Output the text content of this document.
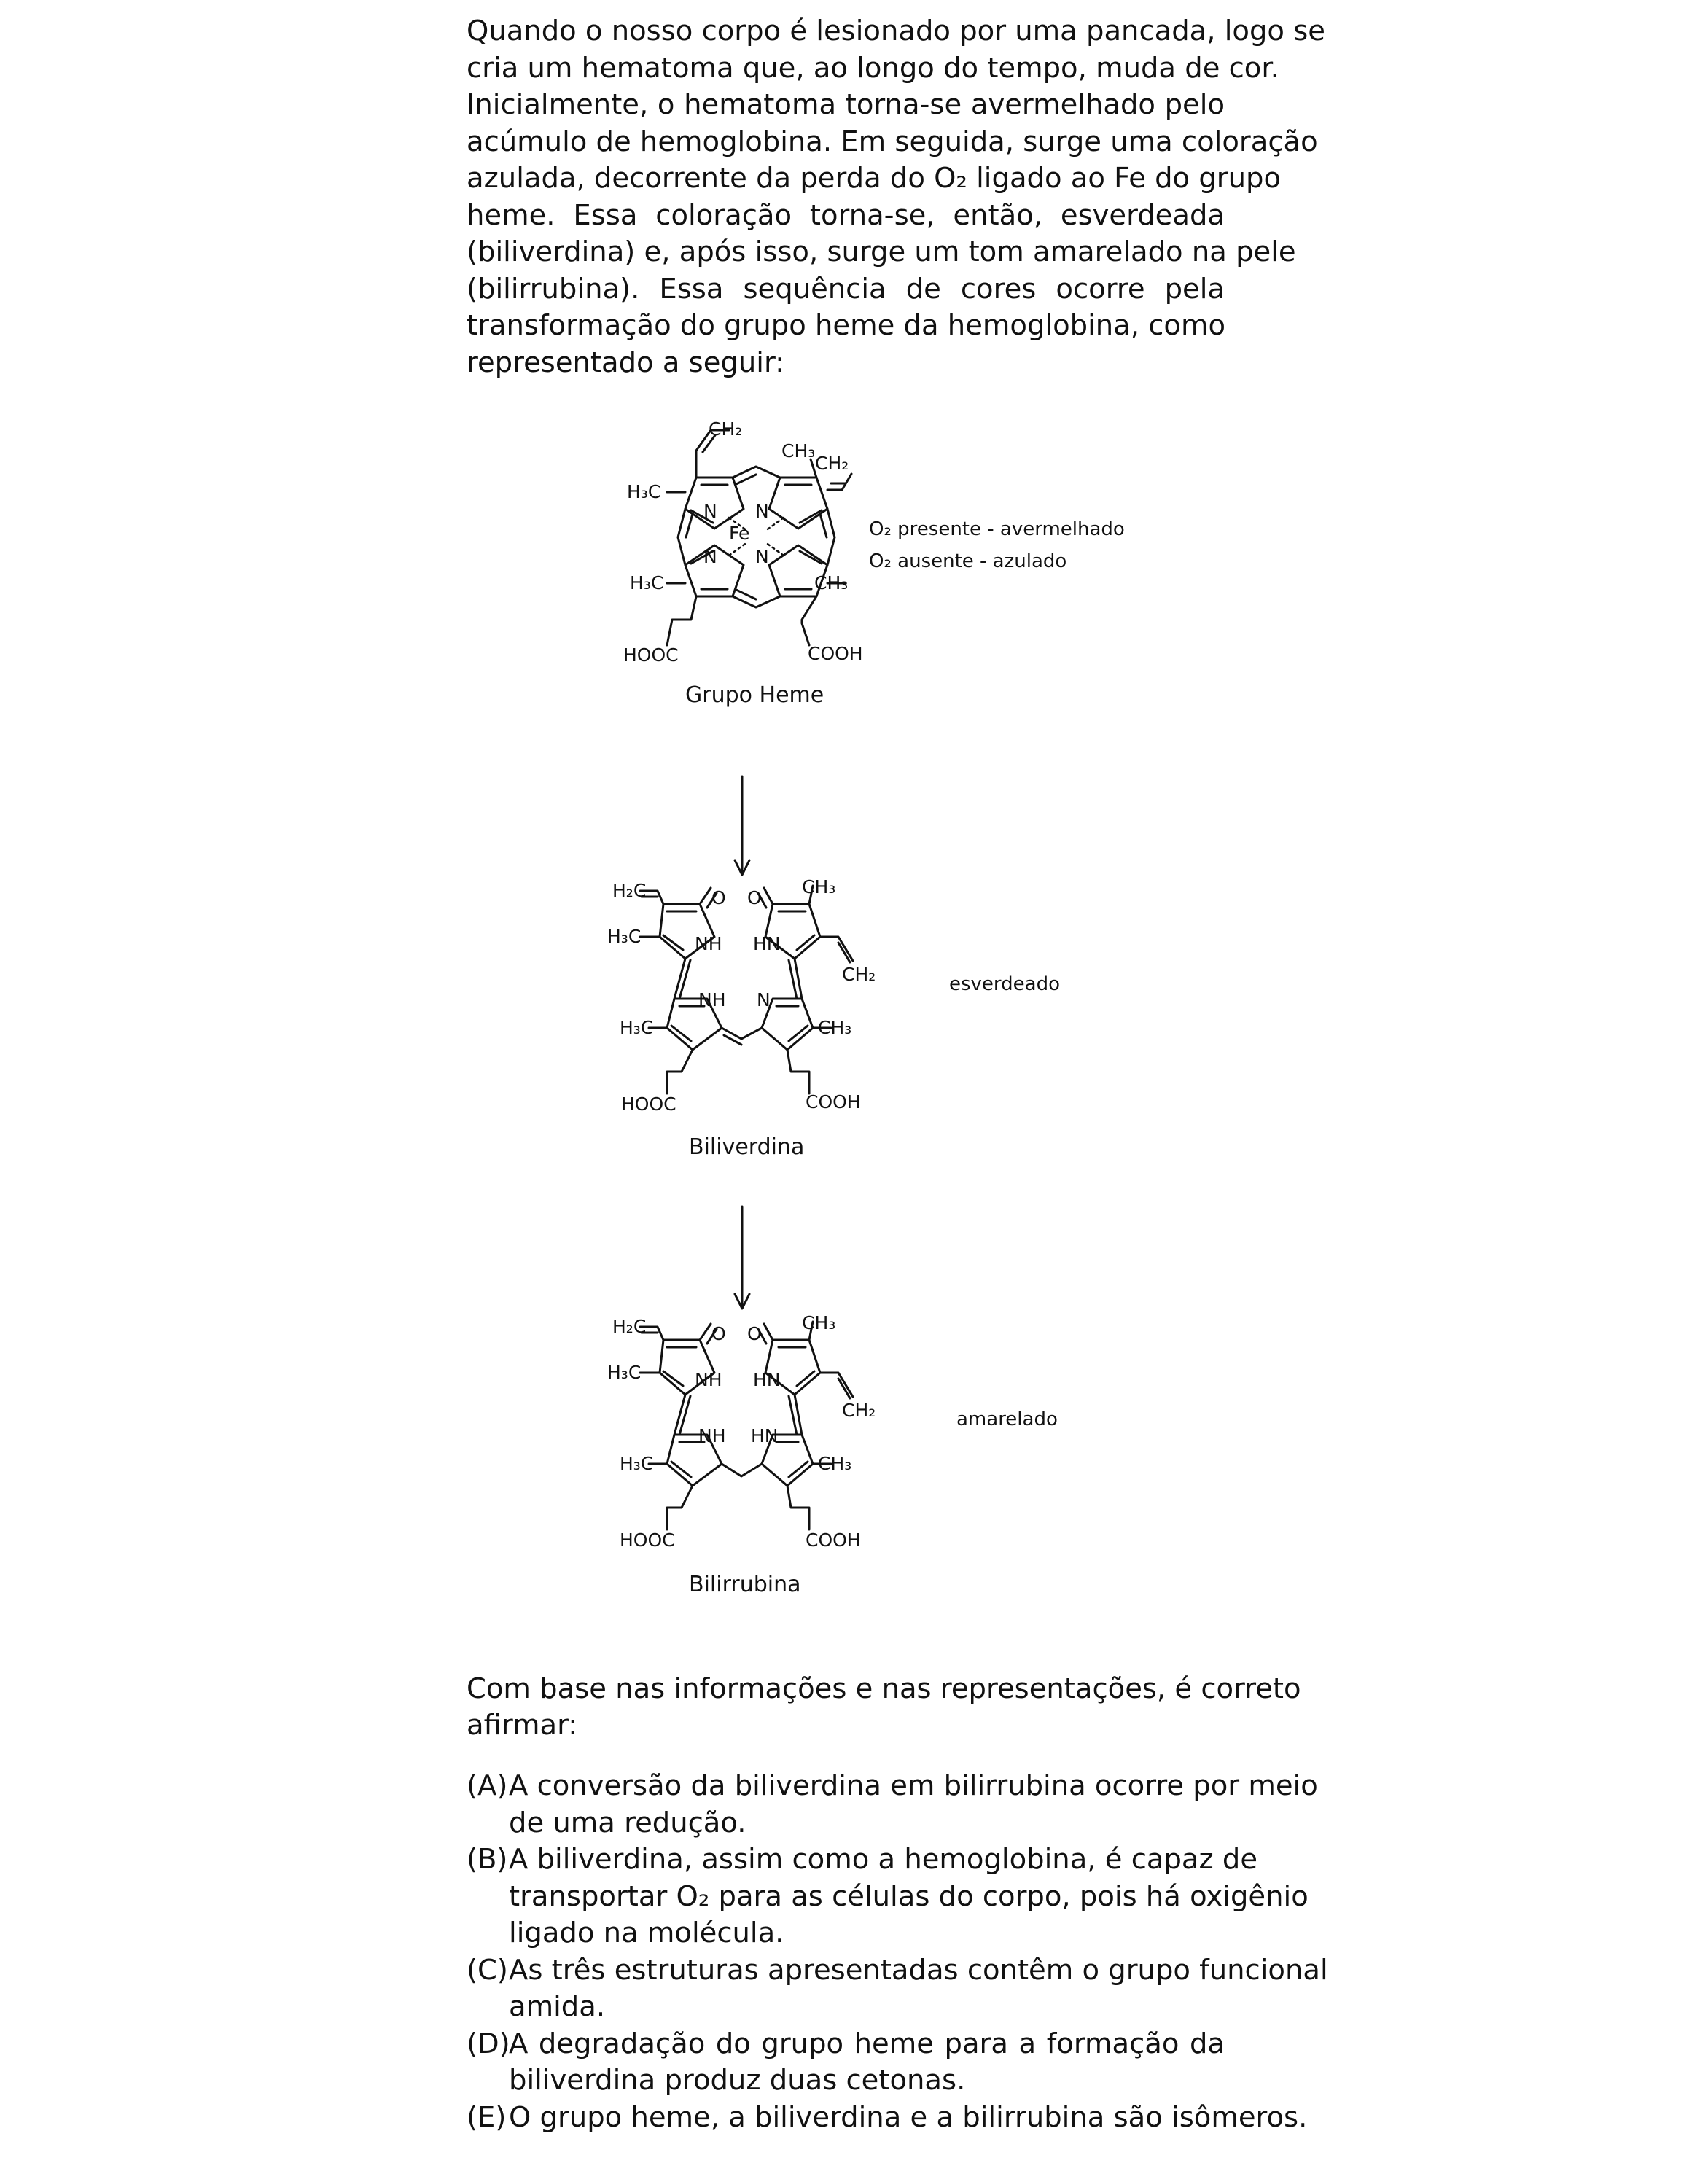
Quando o nosso corpo é lesionado por uma pancada, logo se
cria um hematoma que, ao longo do tempo, muda de cor.
Inicialmente, o hematoma torna-se avermelhado pelo
acúmulo de hemoglobina. Em seguida, surge uma coloração
azulada, decorrente da perda do O₂ ligado ao Fe do grupo
heme. Essa coloração torna-se, então, esverdeada
(biliverdina) e, após isso, surge um tom amarelado na pele
(bilirrubina). Essa sequência de cores ocorre pela
transformação do grupo heme da hemoglobina, como
representado a seguir:
CH₂
CH₃
CH₂
H₃C
H₃C	CH₃
N N
N N
Fe
HOOC	COOH
Grupo Heme
O₂ presente - avermelhado
O₂ ausente - azulado
H₂C
H₃C
O O
CH₃
NH HN
CH₂
NH N
H₃C	CH₃
HOOC	COOH
Biliverdina
esverdeado
H₂C
H₃C
O O
CH₃
NH HN
CH₂
NH HN
H₃C	CH₃
HOOC	COOH
Bilirrubina
amarelado
Com base nas informações e nas representações, é correto
afirmar:
(A) A conversão da biliverdina em bilirrubina ocorre por meio
de uma redução.
(B) A biliverdina, assim como a hemoglobina, é capaz de
transportar O₂ para as células do corpo, pois há oxigênio
ligado na molécula.
(C) As três estruturas apresentadas contêm o grupo funcional
amida.
(D)
A degradação do grupo heme para a formação da
biliverdina produz duas cetonas.
(E) O grupo heme, a biliverdina e a bilirrubina são isômeros.
